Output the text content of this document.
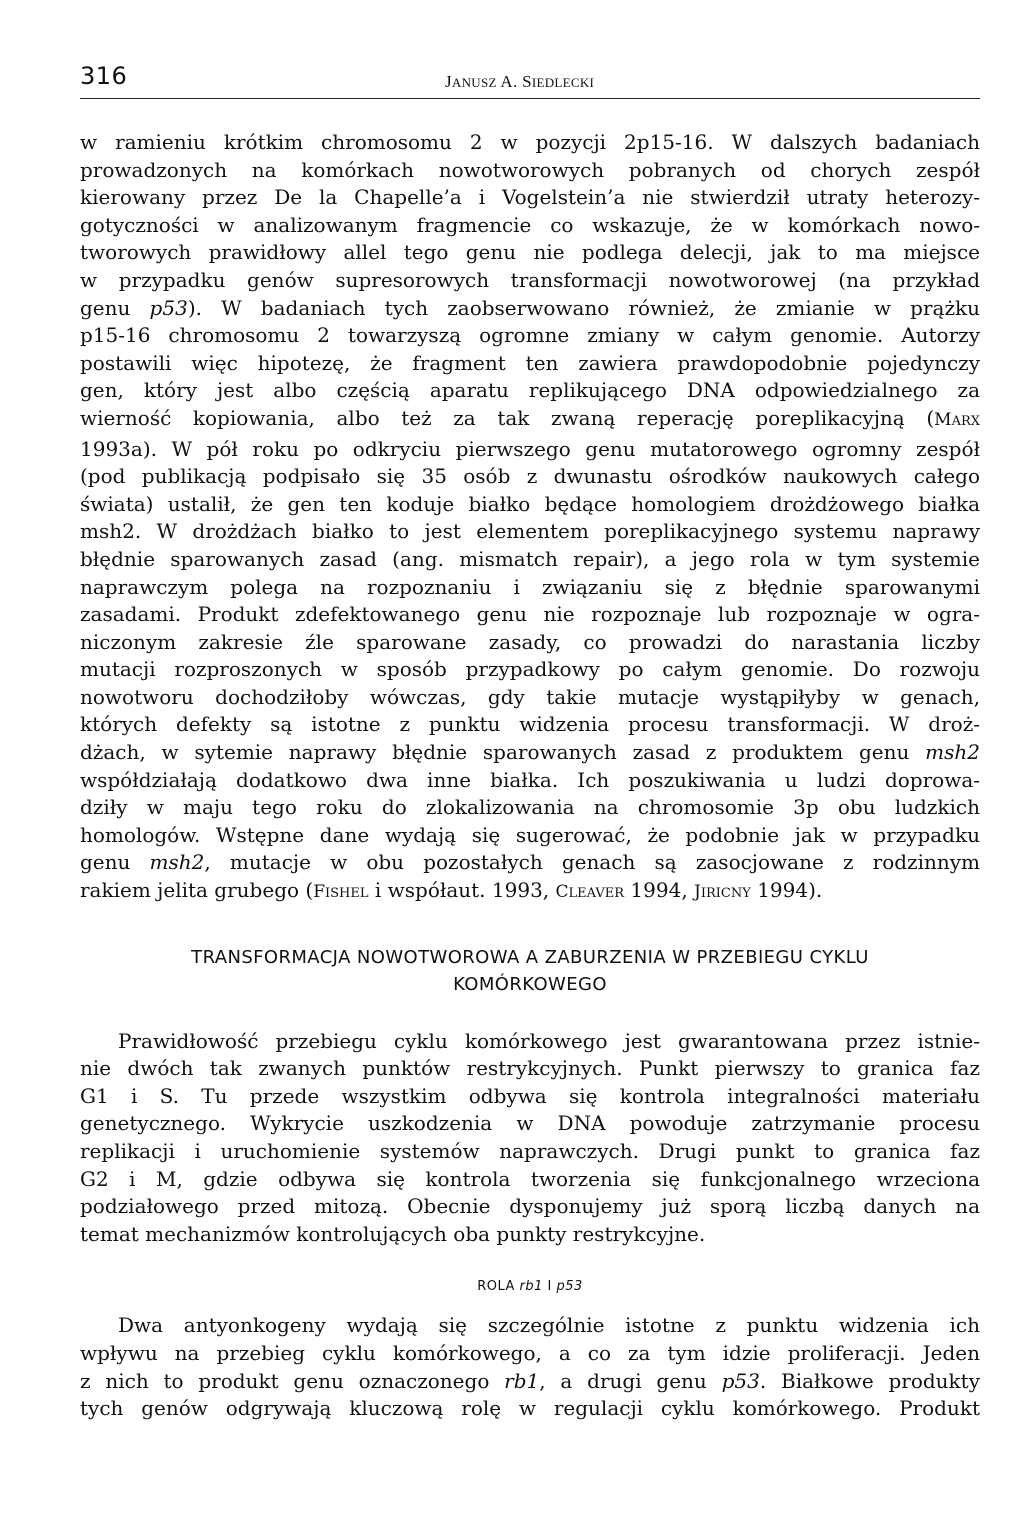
316	JANUSZ A. SIEDLECKI
w ramieniu krótkim chromosomu 2 w pozycji 2p15-16. W dalszych badaniach
prowadzonych na komórkach nowotworowych pobranych od chorych zespół
kierowany przez De la Chapelle’a i Vogelstein’a nie stwierdził utraty heterozy-
gotyczności w analizowanym fragmencie co wskazuje, że w komórkach nowo-
tworowych prawidłowy allel tego genu nie podlega delecji, jak to ma miejsce
w przypadku genów supresorowych transformacji nowotworowej (na przykład
genu p53). W badaniach tych zaobserwowano również, że zmianie w prążku
p15-16 chromosomu 2 towarzyszą ogromne zmiany w całym genomie. Autorzy
postawili więc hipotezę, że fragment ten zawiera prawdopodobnie pojedynczy
gen, który jest albo częścią aparatu replikującego DNA odpowiedzialnego za
wierność kopiowania, albo też za tak zwaną reperację poreplikacyjną (MARX
1993a). W pół roku po odkryciu pierwszego genu mutatorowego ogromny zespół
(pod publikacją podpisało się 35 osób z dwunastu ośrodków naukowych całego
świata) ustalił, że gen ten koduje białko będące homologiem drożdżowego białka
msh2. W drożdżach białko to jest elementem poreplikacyjnego systemu naprawy
błędnie sparowanych zasad (ang. mismatch repair), a jego rola w tym systemie
naprawczym polega na rozpoznaniu i związaniu się z błędnie sparowanymi
zasadami. Produkt zdefektowanego genu nie rozpoznaje lub rozpoznaje w ogra-
niczonym zakresie źle sparowane zasady, co prowadzi do narastania liczby
mutacji rozproszonych w sposób przypadkowy po całym genomie. Do rozwoju
nowotworu dochodziłoby wówczas, gdy takie mutacje wystąpiłyby w genach,
których defekty są istotne z punktu widzenia procesu transformacji. W droż-
dżach, w sytemie naprawy błędnie sparowanych zasad z produktem genu msh2
współdziałają dodatkowo dwa inne białka. Ich poszukiwania u ludzi doprowa-
dziły w maju tego roku do zlokalizowania na chromosomie 3p obu ludzkich
homologów. Wstępne dane wydają się sugerować, że podobnie jak w przypadku
genu msh2, mutacje w obu pozostałych genach są zasocjowane z rodzinnym
rakiem jelita grubego (FISHEL i współaut. 1993, CLEAVER 1994, JIRICNY 1994).
TRANSFORMACJA NOWOTWOROWA A ZABURZENIA W PRZEBIEGU CYKLU
KOMÓRKOWEGO
Prawidłowość przebiegu cyklu komórkowego jest gwarantowana przez istnie-
nie dwóch tak zwanych punktów restrykcyjnych. Punkt pierwszy to granica faz
G1 i S. Tu przede wszystkim odbywa się kontrola integralności materiału
genetycznego. Wykrycie uszkodzenia w DNA powoduje zatrzymanie procesu
replikacji i uruchomienie systemów naprawczych. Drugi punkt to granica faz
G2 i M, gdzie odbywa się kontrola tworzenia się funkcjonalnego wrzeciona
podziałowego przed mitozą. Obecnie dysponujemy już sporą liczbą danych na
temat mechanizmów kontrolujących oba punkty restrykcyjne.
ROLA rb1 I p53
Dwa antyonkogeny wydają się szczególnie istotne z punktu widzenia ich
wpływu na przebieg cyklu komórkowego, a co za tym idzie proliferacji. Jeden
z nich to produkt genu oznaczonego rb1, a drugi genu p53. Białkowe produkty
tych genów odgrywają kluczową rolę w regulacji cyklu komórkowego. Produkt
